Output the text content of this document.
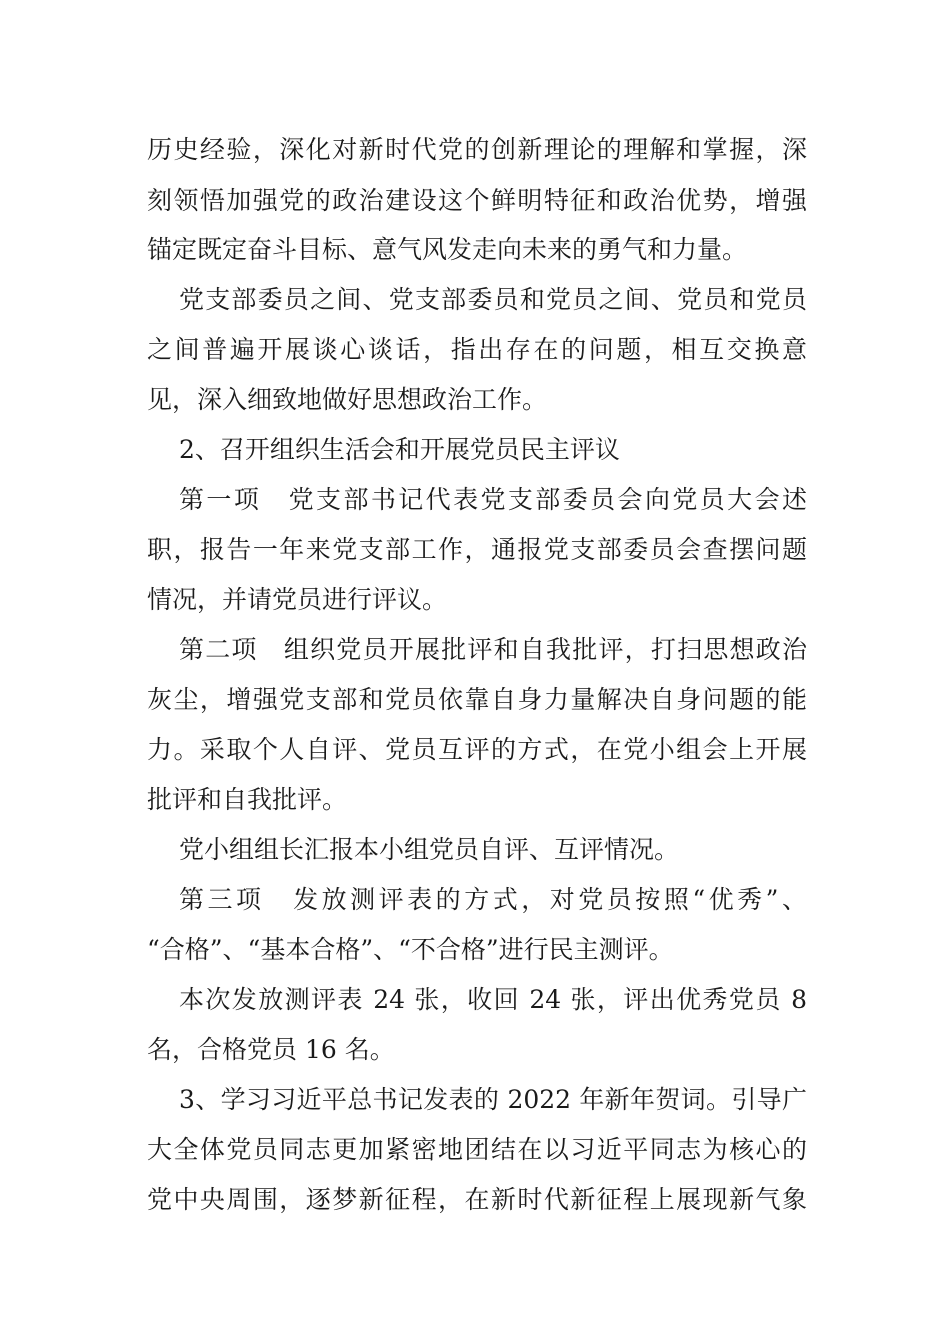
历史经验，深化对新时代党的创新理论的理解和掌握，深
刻领悟加强党的政治建设这个鲜明特征和政治优势，增强
锚定既定奋斗目标、意气风发走向未来的勇气和力量。
党支部委员之间、党支部委员和党员之间、党员和党员
之间普遍开展谈心谈话，指出存在的问题，相互交换意
见，深入细致地做好思想政治工作。
2、召开组织生活会和开展党员民主评议
第一项　党支部书记代表党支部委员会向党员大会述
职，报告一年来党支部工作，通报党支部委员会查摆问题
情况，并请党员进行评议。
第二项　组织党员开展批评和自我批评，打扫思想政治
灰尘，增强党支部和党员依靠自身力量解决自身问题的能
力。采取个人自评、党员互评的方式，在党小组会上开展
批评和自我批评。
党小组组长汇报本小组党员自评、互评情况。
第三项　发放测评表的方式，对党员按照“优秀”、
“合格”、“基本合格”、“不合格”进行民主测评。
本次发放测评表 24 张，收回 24 张，评出优秀党员 8
名，合格党员 16 名。
3、学习习近平总书记发表的 2022 年新年贺词。引导广
大全体党员同志更加紧密地团结在以习近平同志为核心的
党中央周围，逐梦新征程，在新时代新征程上展现新气象
